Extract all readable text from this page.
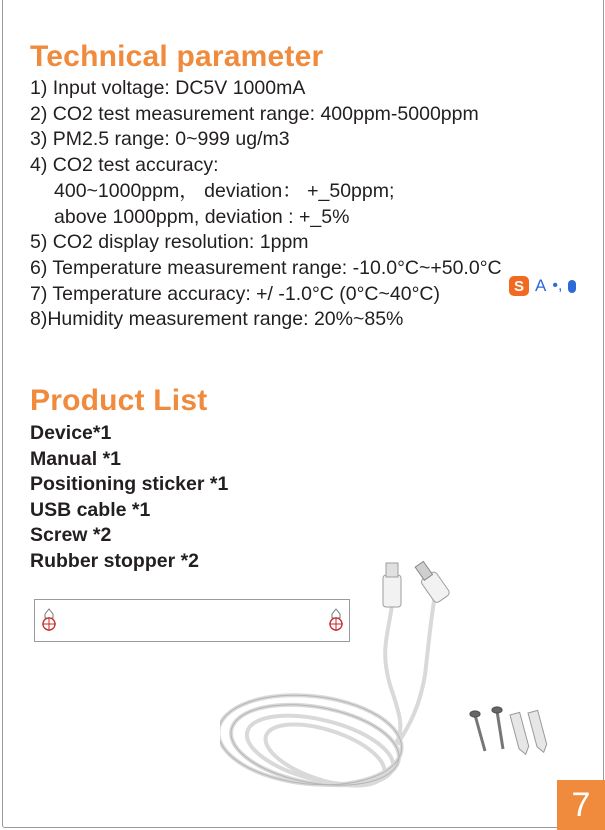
Technical parameter
1) Input voltage: DC5V 1000mA
2) CO2 test measurement range: 400ppm-5000ppm
3) PM2.5 range: 0~999 ug/m3
4) CO2 test accuracy:
400~1000ppm， deviation： +_50ppm;
above 1000ppm, deviation : +_5%
5) CO2 display resolution: 1ppm
6) Temperature measurement range: -10.0°C~+50.0°C
7) Temperature accuracy: +/ -1.0°C (0°C~40°C)
8)Humidity measurement range: 20%~85%
S A •,
Product List
Device*1
Manual *1
Positioning sticker *1
USB cable *1
Screw *2
Rubber stopper *2
7
